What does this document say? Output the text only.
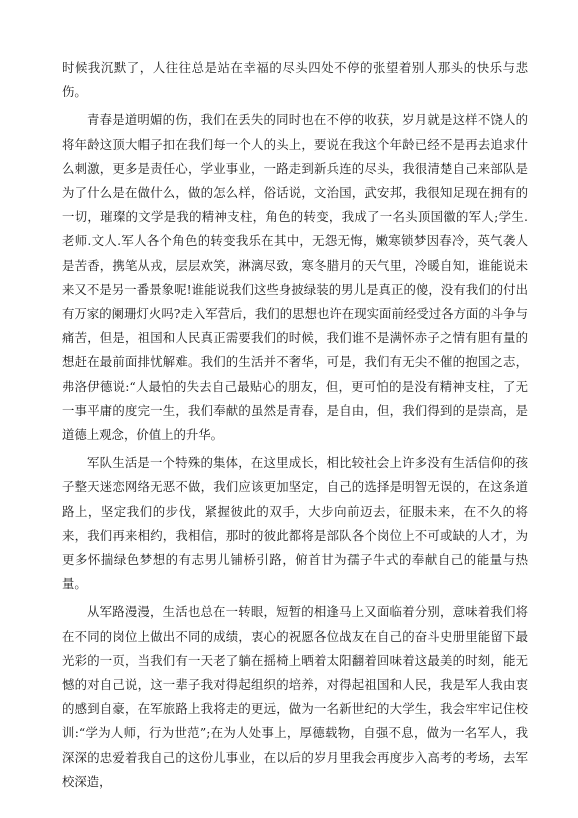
时候我沉默了，人往往总是站在幸福的尽头四处不停的张望着别人那头的快乐与悲伤。

青春是道明媚的伤，我们在丢失的同时也在不停的收获，岁月就是这样不饶人的将年龄这顶大帽子扣在我们每一个人的头上，要说在我这个年龄已经不是再去追求什么刺激，更多是责任心，学业事业，一路走到新兵连的尽头，我很清楚自己来部队是为了什么是在做什么，做的怎么样，俗话说，文治国，武安邦，我很知足现在拥有的一切，璀璨的文学是我的精神支柱，角色的转变，我成了一名头顶国徽的军人;学生.老师.文人.军人各个角色的转变我乐在其中，无怨无悔，嫩寒锁梦因春冷，英气袭人是苦香，携笔从戎，层层欢笑，淋漓尽致，寒冬腊月的天气里，冷暖自知，谁能说未来又不是另一番景象呢!谁能说我们这些身披绿装的男儿是真正的傻，没有我们的付出有万家的阑珊灯火吗?走入军营后，我们的思想也许在现实面前经受过各方面的斗争与痛苦，但是，祖国和人民真正需要我们的时候，我们谁不是满怀赤子之情有胆有量的想赶在最前面排忧解难。我们的生活并不奢华，可是，我们有无尖不催的抱国之志，弗洛伊德说:“人最怕的失去自己最贴心的朋友，但，更可怕的是没有精神支柱，了无一事平庸的度完一生，我们奉献的虽然是青春，是自由，但，我们得到的是崇高，是道德上观念，价值上的升华。

军队生活是一个特殊的集体，在这里成长，相比较社会上许多没有生活信仰的孩子整天迷恋网络无恶不做，我们应该更加坚定，自己的选择是明智无误的，在这条道路上，坚定我们的步伐，紧握彼此的双手，大步向前迈去，征服未来，在不久的将来，我们再来相约，我相信，那时的彼此都将是部队各个岗位上不可或缺的人才，为更多怀揣绿色梦想的有志男儿铺桥引路，俯首甘为孺子牛式的奉献自己的能量与热量。

从军路漫漫，生活也总在一转眼，短暂的相逢马上又面临着分别，意味着我们将在不同的岗位上做出不同的成绩，衷心的祝愿各位战友在自己的奋斗史册里能留下最光彩的一页，当我们有一天老了躺在摇椅上晒着太阳翻着回味着这最美的时刻，能无憾的对自己说，这一辈子我对得起组织的培养，对得起祖国和人民，我是军人我由衷的感到自豪，在军旅路上我将走的更远，做为一名新世纪的大学生，我会牢牢记住校训:“学为人师，行为世范”;在为人处事上，厚德载物，自强不息，做为一名军人，我深深的忠爱着我自己的这份儿事业，在以后的岁月里我会再度步入高考的考场，去军校深造，
